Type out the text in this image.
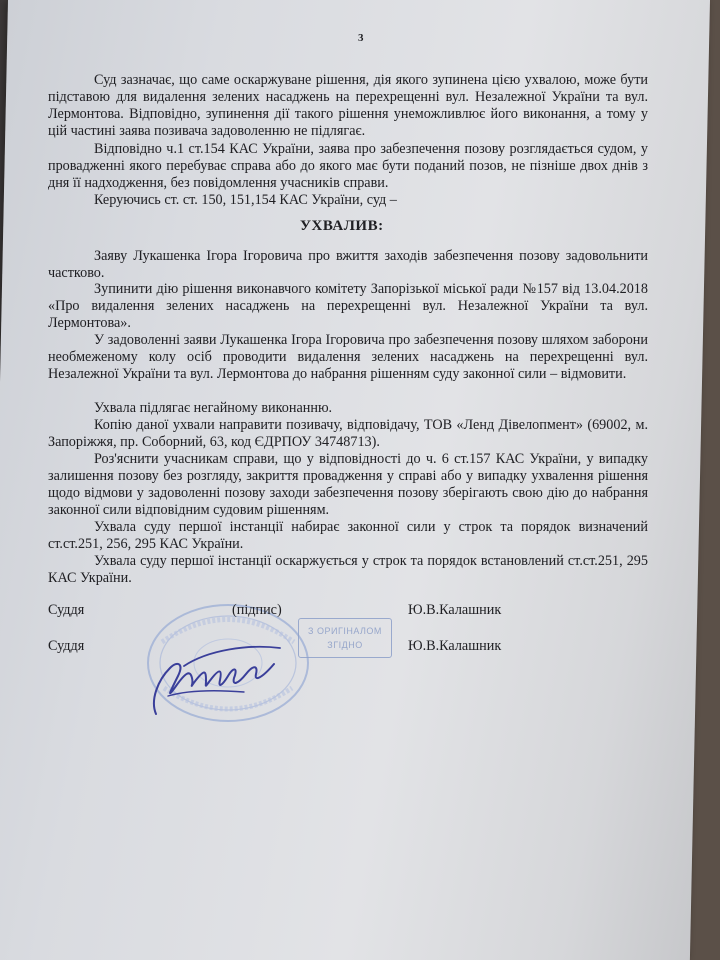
3

Суд зазначає, що саме оскаржуване рішення, дія якого зупинена цією ухвалою, може бути підставою для видалення зелених насаджень на перехрещенні вул. Незалежної України та вул. Лермонтова. Відповідно, зупинення дії такого рішення унеможливлює його виконання, а тому у цій частині заява позивача задоволенню не підлягає.

Відповідно ч.1 ст.154 КАС України, заява про забезпечення позову розглядається судом, у провадженні якого перебуває справа або до якого має бути поданий позов, не пізніше двох днів з дня її надходження, без повідомлення учасників справи.

Керуючись ст. ст. 150, 151,154 КАС України, суд –

УХВАЛИВ:

Заяву Лукашенка Ігора Ігоровича про вжиття заходів забезпечення позову задовольнити частково.

Зупинити дію рішення виконавчого комітету Запорізької міської ради №157 від 13.04.2018 «Про видалення зелених насаджень на перехрещенні вул. Незалежної України та вул. Лермонтова».

У задоволенні заяви Лукашенка Ігора Ігоровича про забезпечення позову шляхом заборони необмеженому колу осіб проводити видалення зелених насаджень на перехрещенні вул. Незалежної України та вул. Лермонтова до набрання рішенням суду законної сили – відмовити.

Ухвала підлягає негайному виконанню.

Копію даної ухвали направити позивачу, відповідачу, ТОВ «Ленд Дівелопмент» (69002, м. Запоріжжя, пр. Соборний, 63, код ЄДРПОУ 34748713).

Роз'яснити учасникам справи, що у відповідності до ч. 6 ст.157 КАС України, у випадку залишення позову без розгляду, закриття провадження у справі або у випадку ухвалення рішення щодо відмови у задоволенні позову заходи забезпечення позову зберігають свою дію до набрання законної сили відповідним судовим рішенням.

Ухвала суду першої інстанції набирає законної сили у строк та порядок визначений ст.ст.251, 256, 295 КАС України.

Ухвала суду першої інстанції оскаржується у строк та порядок встановлений ст.ст.251, 295 КАС України.

З ОРИГІНАЛОМ
ЗГІДНО
Суддя	(підпис)	Ю.В.Калашник
Суддя	Ю.В.Калашник
